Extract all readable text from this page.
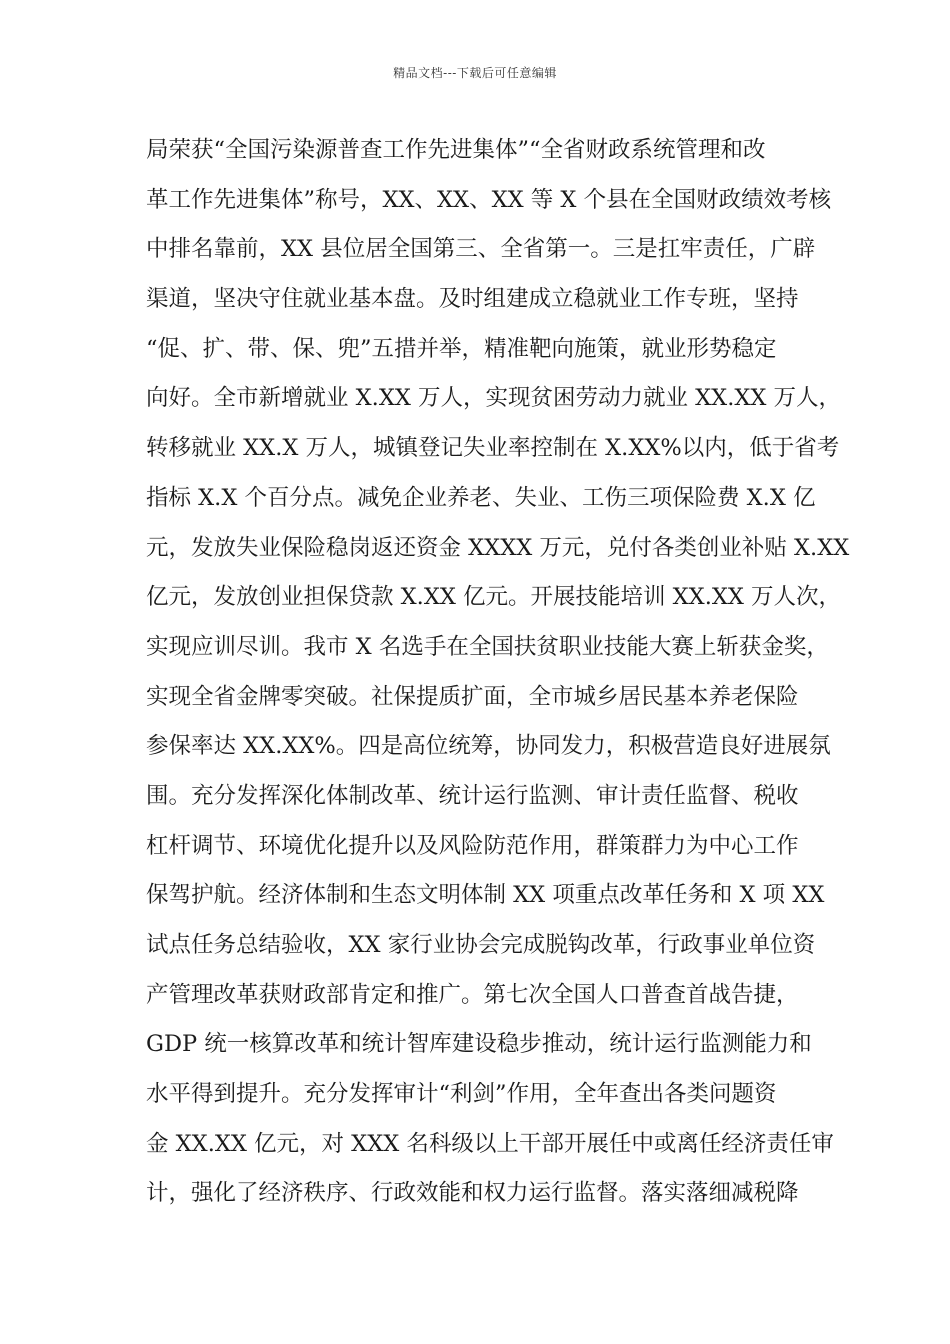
精品文档---下载后可任意编辑
局荣获“全国污染源普查工作先进集体”“全省财政系统管理和改
革工作先进集体”称号，XX、XX、XX 等 X 个县在全国财政绩效考核
中排名靠前，XX 县位居全国第三、全省第一。三是扛牢责任，广辟
渠道，坚决守住就业基本盘。及时组建成立稳就业工作专班，坚持
“促、扩、带、保、兜”五措并举，精准靶向施策，就业形势稳定
向好。全市新增就业 X.XX 万人，实现贫困劳动力就业 XX.XX 万人，
转移就业 XX.X 万人，城镇登记失业率控制在 X.XX%以内，低于省考
指标 X.X 个百分点。减免企业养老、失业、工伤三项保险费 X.X 亿
元，发放失业保险稳岗返还资金 XXXX 万元，兑付各类创业补贴 X.XX
亿元，发放创业担保贷款 X.XX 亿元。开展技能培训 XX.XX 万人次，
实现应训尽训。我市 X 名选手在全国扶贫职业技能大赛上斩获金奖，
实现全省金牌零突破。社保提质扩面，全市城乡居民基本养老保险
参保率达 XX.XX%。四是高位统筹，协同发力，积极营造良好进展氛
围。充分发挥深化体制改革、统计运行监测、审计责任监督、税收
杠杆调节、环境优化提升以及风险防范作用，群策群力为中心工作
保驾护航。经济体制和生态文明体制 XX 项重点改革任务和 X 项 XX
试点任务总结验收，XX 家行业协会完成脱钩改革，行政事业单位资
产管理改革获财政部肯定和推广。第七次全国人口普查首战告捷，
GDP 统一核算改革和统计智库建设稳步推动，统计运行监测能力和
水平得到提升。充分发挥审计“利剑”作用，全年查出各类问题资
金 XX.XX 亿元，对 XXX 名科级以上干部开展任中或离任经济责任审
计，强化了经济秩序、行政效能和权力运行监督。落实落细减税降
